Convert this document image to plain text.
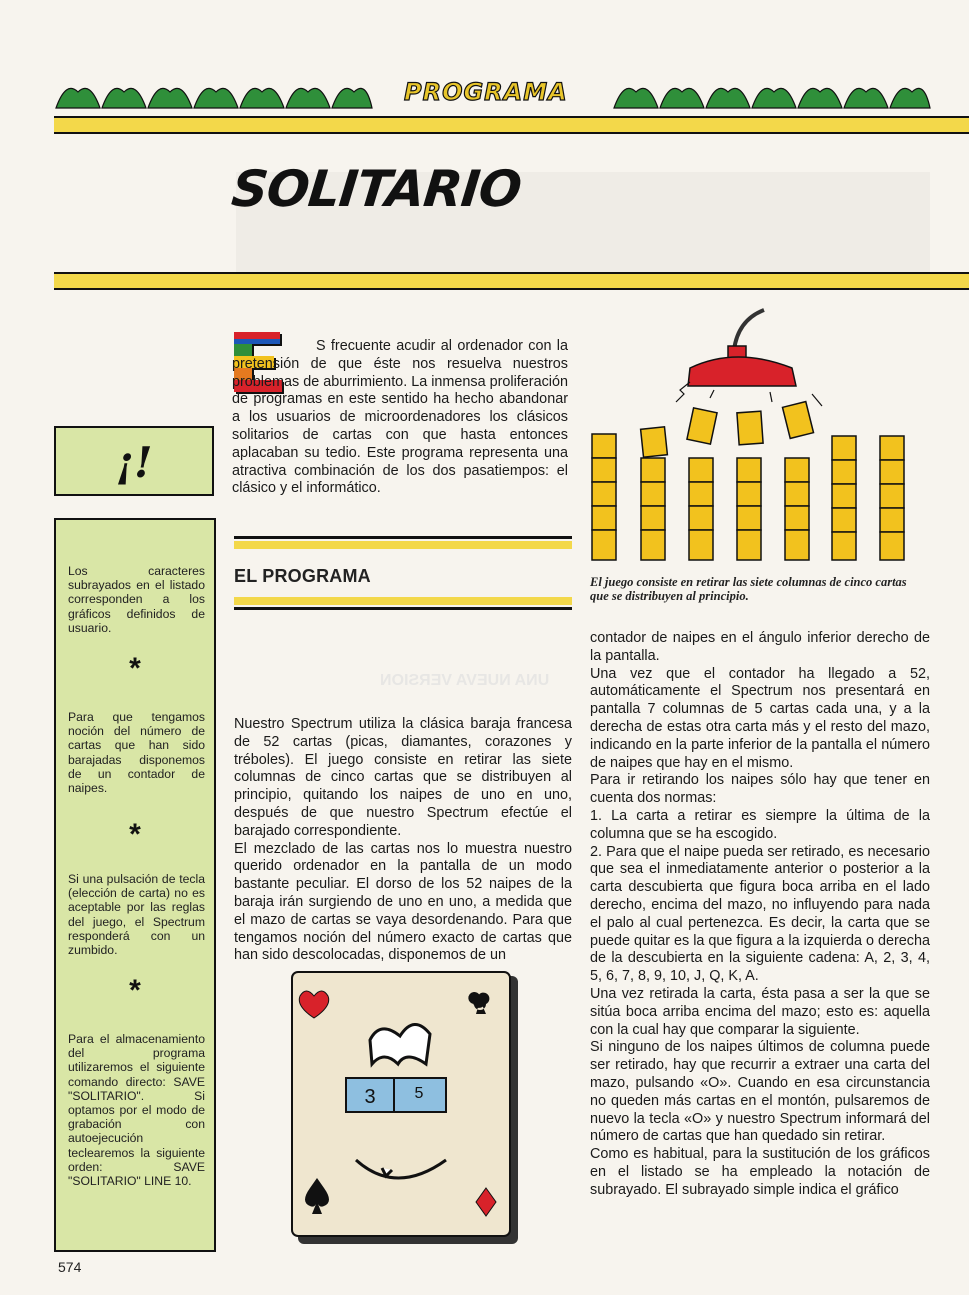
UNA NUEVA VERSION
PROGRAMA
SOLITARIO

S frecuente acudir al ordenador con la pretensión de que éste nos resuelva nuestros problemas de aburrimiento. La inmensa proliferación de programas en este sentido ha hecho abandonar a los usuarios de microordenadores los clásicos solitarios de cartas con que hasta entonces aplacaban su tedio. Este programa representa una atractiva combinación de los dos pasatiempos: el clásico y el informático.

¡!
Los caracteres subrayados en el listado corresponden a los gráficos definidos de usuario.
*
Para que tengamos noción del número de cartas que han sido barajadas disponemos de un contador de naipes.
*
Si una pulsación de tecla (elección de carta) no es aceptable por las reglas del juego, el Spectrum responderá con un zumbido.
*
Para el almacenamiento del programa utilizaremos el siguiente comando directo: SAVE "SOLITARIO". Si optamos por el modo de grabación con autoejecución teclearemos la siguiente orden: SAVE "SOLITARIO" LINE 10.
EL PROGRAMA	El juego consiste en retirar las siete columnas de cinco cartas que se distribuyen al principio.

Nuestro Spectrum utiliza la clásica baraja francesa de 52 cartas (picas, diamantes, corazones y tréboles). El juego consiste en retirar las siete columnas de cinco cartas que se distribuyen al principio, quitando los naipes de uno en uno, después de que nuestro Spectrum efectúe el barajado correspondiente.

El mezclado de las cartas nos lo muestra nuestro querido ordenador en la pantalla de un modo bastante peculiar. El dorso de los 52 naipes de la baraja irán surgiendo de uno en uno, a medida que el mazo de cartas se vaya desordenando. Para que tengamos noción del número exacto de cartas que han sido descolocadas, disponemos de un

3 5

contador de naipes en el ángulo inferior derecho de la pantalla.

Una vez que el contador ha llegado a 52, automáticamente el Spectrum nos presentará en pantalla 7 columnas de 5 cartas cada una, y a la derecha de estas otra carta más y el resto del mazo, indicando en la parte inferior de la pantalla el número de naipes que hay en el mismo.

Para ir retirando los naipes sólo hay que tener en cuenta dos normas:

1. La carta a retirar es siempre la última de la columna que se ha escogido.

2. Para que el naipe pueda ser retirado, es necesario que sea el inmediatamente anterior o posterior a la carta descubierta que figura boca arriba en el lado derecho, encima del mazo, no influyendo para nada el palo al cual pertenezca. Es decir, la carta que se puede quitar es la que figura a la izquierda o derecha de la descubierta en la siguiente cadena: A, 2, 3, 4, 5, 6, 7, 8, 9, 10, J, Q, K, A.

Una vez retirada la carta, ésta pasa a ser la que se sitúa boca arriba encima del mazo; esto es: aquella con la cual hay que comparar la siguiente.

Si ninguno de los naipes últimos de columna puede ser retirado, hay que recurrir a extraer una carta del mazo, pulsando «O». Cuando en esa circunstancia no queden más cartas en el montón, pulsaremos de nuevo la tecla «O» y nuestro Spectrum informará del número de cartas que han quedado sin retirar.

Como es habitual, para la sustitución de los gráficos en el listado se ha empleado la notación de subrayado. El subrayado simple indica el gráfico

574
